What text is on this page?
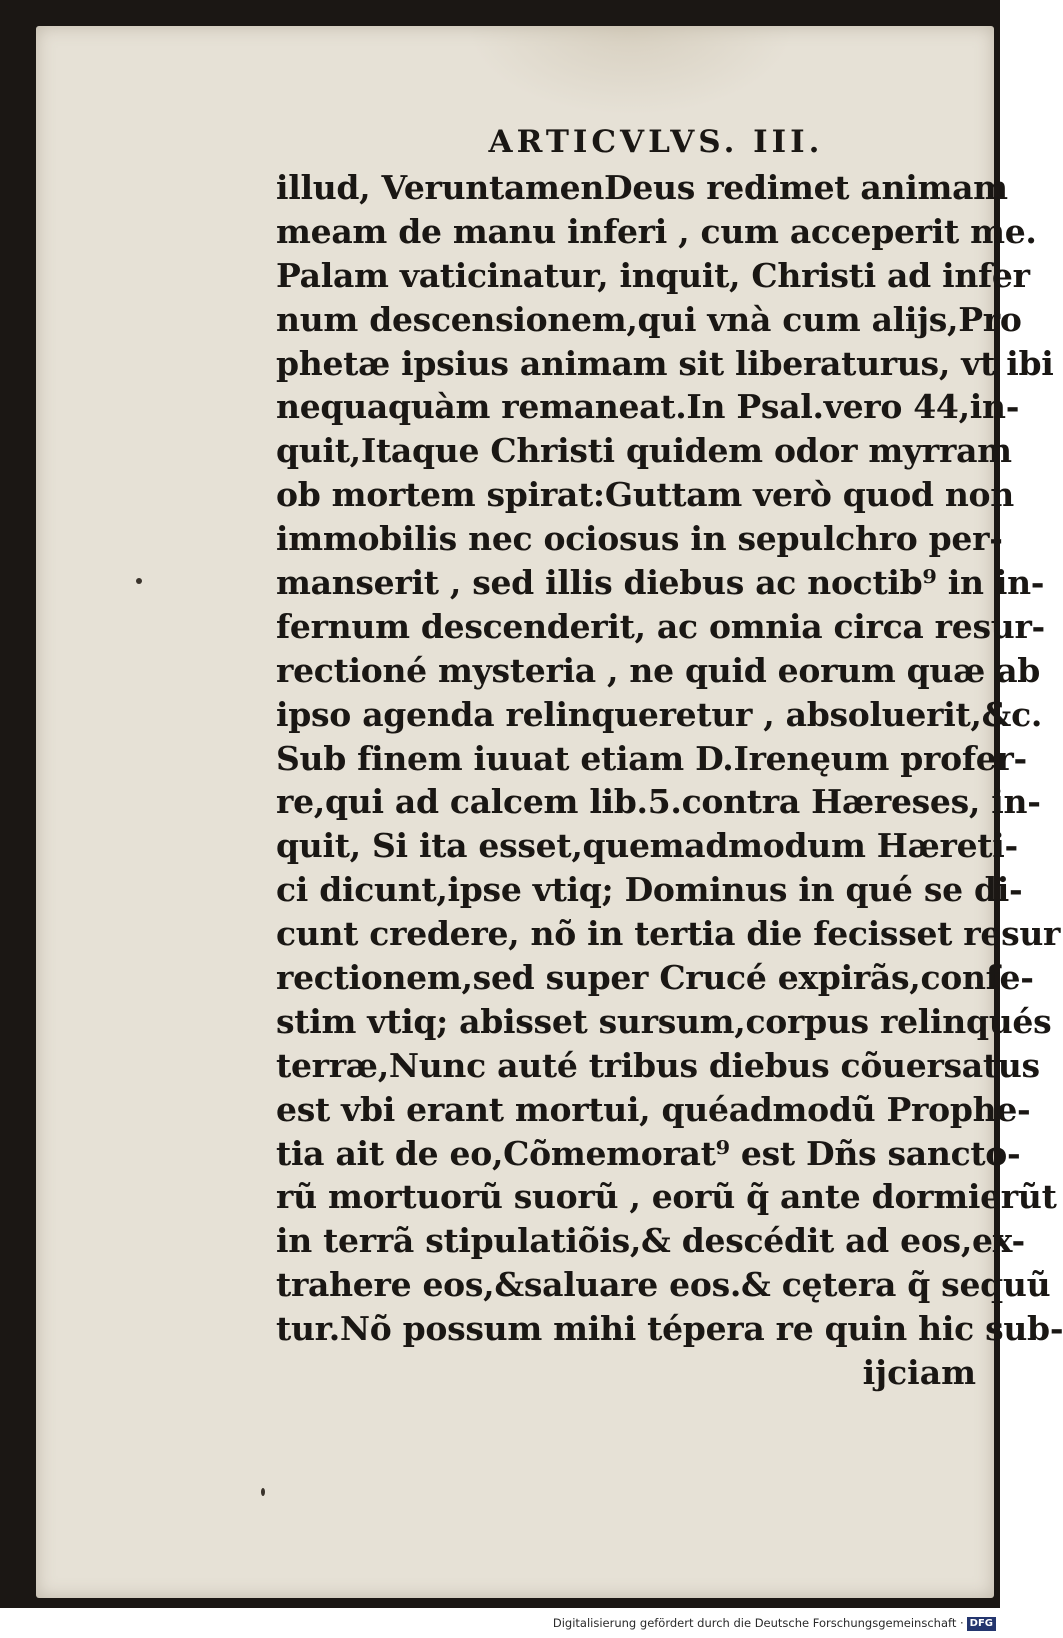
ARTICVLVS. III.
illud, VeruntamenDeus redimet animam
meam de manu inferi , cum acceperit me.
Palam vaticinatur, inquit, Christi ad infer
num descensionem,qui vnà cum alijs,Pro
phetæ ipsius animam sit liberaturus, vt ibi
nequaquàm remaneat.In Psal.vero 44,in-
quit,Itaque Christi quidem odor myrram
ob mortem spirat:Guttam verò quod non
immobilis nec ociosus in sepulchro per-
manserit , sed illis diebus ac noctib⁹ in in-
fernum descenderit, ac omnia circa resur-
rectioné mysteria , ne quid eorum quæ ab
ipso agenda relinqueretur , absoluerit,&c.
Sub finem iuuat etiam D.Irenęum profer-
re,qui ad calcem lib.5.contra Hæreses, in-
quit, Si ita esset,quemadmodum Hæreti-
ci dicunt,ipse vtiq; Dominus in qué se di-
cunt credere, nõ in tertia die fecisset resur
rectionem,sed super Crucé expirãs,confe-
stim vtiq; abisset sursum,corpus relinqués
terræ,Nunc auté tribus diebus cõuersatus
est vbi erant mortui, quéadmodũ Prophe-
tia ait de eo,Cõmemorat⁹ est Dñs sancto-
rũ mortuorũ suorũ , eorũ q̃ ante dormierũt
in terrã stipulatiõis,& descédit ad eos,ex-
trahere eos,&saluare eos.& cętera q̃ sequũ
tur.Nõ possum mihi tépera re quin hic sub-
ijciam
Digitalisierung gefördert durch die Deutsche Forschungsgemeinschaft · DFG
